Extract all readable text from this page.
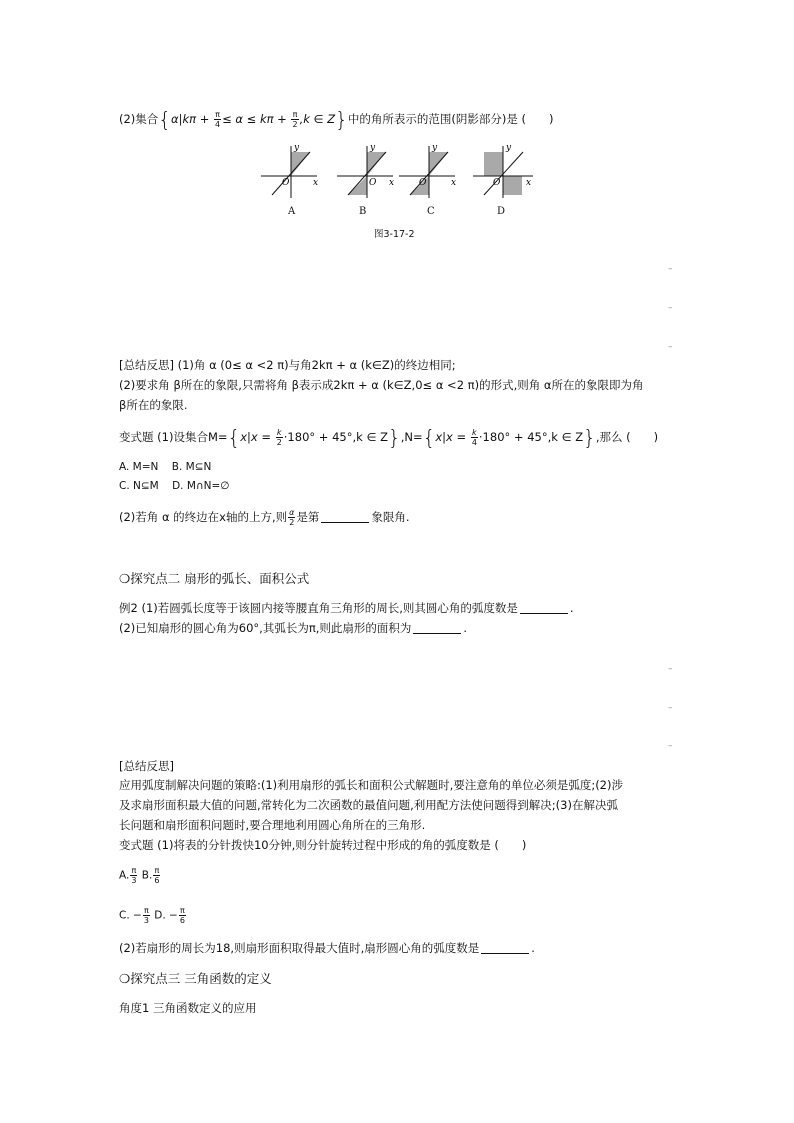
(2)集合{$\alpha|k\pi + \frac{\pi}{4} \le \alpha \le k\pi + \frac{\pi}{2} ,k$ ∈ Z}中的角所表示的范围(阴影部分)是 (　　)
y
x
O
y
x
O
y
x
O
y
x
O
A	B	C	D
图3-17-2
–
–
–
[总结反思] (1)角 α (0≤ α <2 π)与角2kπ + α (k∈Z)的终边相同;
(2)要求角 β所在的象限,只需将角 β表示成2kπ + α (k∈Z,0≤ α <2 π)的形式,则角 α所在的象限即为角
β所在的象限.
变式题 (1)设集合$M=\{x|x = \frac{k}{2} \cdot 180^\circ + 45^\circ,k$ ∈ $Z\},N=\{x|x = \frac{k}{4} \cdot 180^\circ + 45^\circ,k$ ∈ Z},那么 (　　)
A. M=N B. M⊆N
C. N⊆M D. M∩N=∅
(2)若角 α 的终边在x轴的上方,则 $\frac{\alpha}{2}$ 是第	象限角.
❍探究点二 扇形的弧长、面积公式
例2 (1)若圆弧长度等于该圆内接等腰直角三角形的周长,则其圆心角的弧度数是	.
(2)已知扇形的圆心角为60°,其弧长为π,则此扇形的面积为	.
–
–
–
[总结反思]
应用弧度制解决问题的策略:(1)利用扇形的弧长和面积公式解题时,要注意角的单位必须是弧度;(2)涉
及求扇形面积最大值的问题,常转化为二次函数的最值问题,利用配方法使问题得到解决;(3)在解决弧
长问题和扇形面积问题时,要合理地利用圆心角所在的三角形.
变式题 (1)将表的分针拨快10分钟,则分针旋转过程中形成的角的弧度数是 (　　)
A. $\frac{\pi}{3} B$. $\frac{\pi}{6}$
C. − $\frac{\pi}{3} D$. − $\frac{\pi}{6}$
(2)若扇形的周长为18,则扇形面积取得最大值时,扇形圆心角的弧度数是	.
❍探究点三 三角函数的定义
角度1 三角函数定义的应用
